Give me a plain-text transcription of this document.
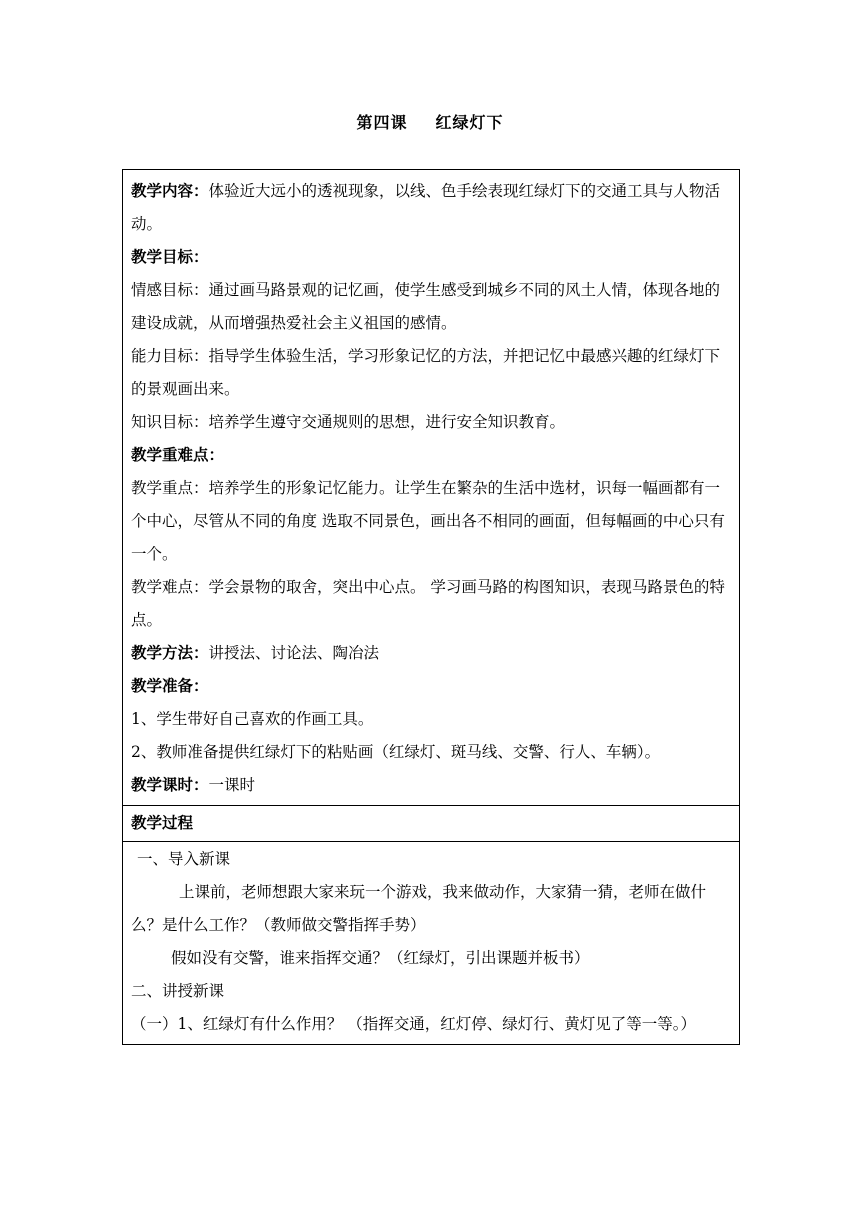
第四课 红绿灯下

教学内容：体验近大远小的透视现象，以线、色手绘表现红绿灯下的交通工具与人物活动。

教学目标：

情感目标：通过画马路景观的记忆画，使学生感受到城乡不同的风土人情，体现各地的建设成就，从而增强热爱社会主义祖国的感情。

能力目标：指导学生体验生活，学习形象记忆的方法，并把记忆中最感兴趣的红绿灯下的景观画出来。

知识目标：培养学生遵守交通规则的思想，进行安全知识教育。

教学重难点：

教学重点：培养学生的形象记忆能力。让学生在繁杂的生活中选材，识每一幅画都有一个中心，尽管从不同的角度 选取不同景色，画出各不相同的画面，但每幅画的中心只有一个。

教学难点：学会景物的取舍，突出中心点。 学习画马路的构图知识，表现马路景色的特点。

教学方法：讲授法、讨论法、陶冶法

教学准备：

1、学生带好自己喜欢的作画工具。

2、教师准备提供红绿灯下的粘贴画（红绿灯、斑马线、交警、行人、车辆）。

教学课时：一课时

教学过程

一、导入新课

上课前，老师想跟大家来玩一个游戏，我来做动作，大家猜一猜，老师在做什么？是什么工作？（教师做交警指挥手势）

假如没有交警，谁来指挥交通？（红绿灯，引出课题并板书）

二、讲授新课

（一）1、红绿灯有什么作用？ （指挥交通，红灯停、绿灯行、黄灯见了等一等。）
